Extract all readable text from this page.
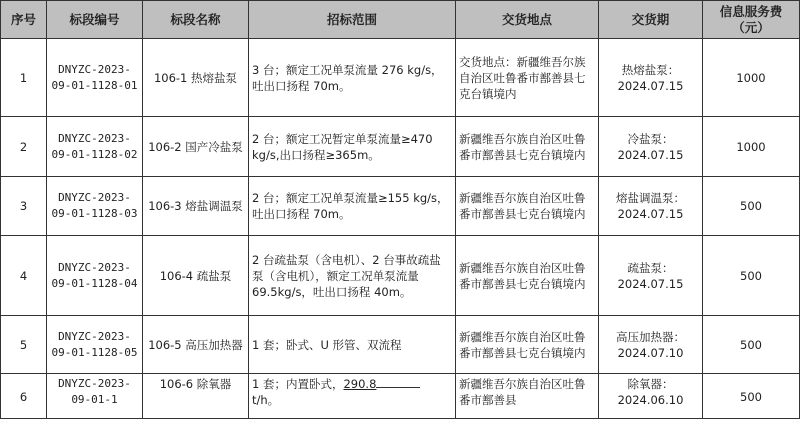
序号	标段编号	标段名称	招标范围	交货地点	交货期	信息服务费（元）
1	DNYZC-2023-09-01-1128-01	106-1 热熔盐泵	3 台；额定工况单泵流量 276 kg/s，吐出口扬程 70m。	交货地点：新疆维吾尔族自治区吐鲁番市鄯善县七克台镇境内	热熔盐泵：2024.07.15	1000
2	DNYZC-2023-09-01-1128-02	106-2 国产冷盐泵	2 台；额定工况暂定单泵流量≥470 kg/s,出口扬程≥365m。	新疆维吾尔族自治区吐鲁番市鄯善县七克台镇境内	冷盐泵：2024.07.15	1000
3	DNYZC-2023-09-01-1128-03	106-3 熔盐调温泵	2 台；额定工况单泵流量≥155 kg/s，吐出口扬程 70m。	新疆维吾尔族自治区吐鲁番市鄯善县七克台镇境内	熔盐调温泵：2024.07.15	500
4	DNYZC-2023-09-01-1128-04	106-4 疏盐泵	2 台疏盐泵（含电机）、2 台事故疏盐泵（含电机），额定工况单泵流量 69.5kg/s，吐出口扬程 40m。	新疆维吾尔族自治区吐鲁番市鄯善县七克台镇境内	疏盐泵：2024.07.15	500
5	DNYZC-2023-09-01-1128-05	106-5 高压加热器	1 套；卧式、U 形管、双流程	新疆维吾尔族自治区吐鲁番市鄯善县七克台镇境内	高压加热器：2024.07.10	500
6	DNYZC-2023-09-01-1	106-6 除氧器	1 套；内置卧式，290.8
t/h。	新疆维吾尔族自治区吐鲁番市鄯善县	除氧器：2024.06.10	500
